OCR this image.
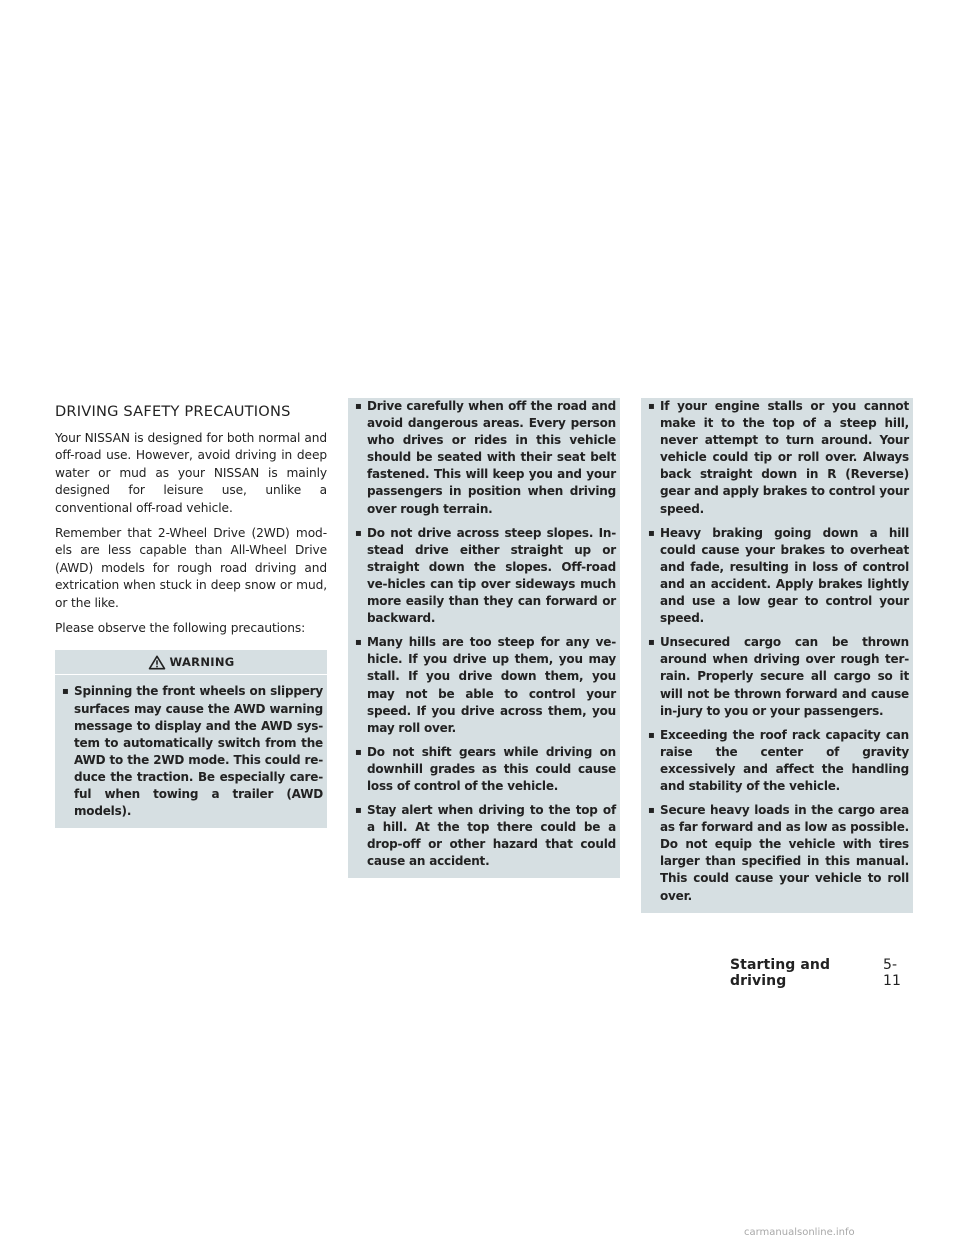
DRIVING SAFETY PRECAUTIONS

Your NISSAN is designed for both normal and off-road use. However, avoid driving in deep water or mud as your NISSAN is mainly designed for leisure use, unlike a conventional off-road vehicle.

Remember that 2-Wheel Drive (2WD) mod-els are less capable than All-Wheel Drive (AWD) models for rough road driving and extrication when stuck in deep snow or mud, or the like.

Please observe the following precautions:

WARNING

▪ Spinning the front wheels on slippery surfaces may cause the AWD warning message to display and the AWD sys-tem to automatically switch from the AWD to the 2WD mode. This could re-duce the traction. Be especially care-ful when towing a trailer (AWD models).

▪ Drive carefully when off the road and avoid dangerous areas. Every person who drives or rides in this vehicle should be seated with their seat belt fastened. This will keep you and your passengers in position when driving over rough terrain.

▪ Do not drive across steep slopes. In-stead drive either straight up or straight down the slopes. Off-road ve-hicles can tip over sideways much more easily than they can forward or backward.

▪ Many hills are too steep for any ve-hicle. If you drive up them, you may stall. If you drive down them, you may not be able to control your speed. If you drive across them, you may roll over.

▪ Do not shift gears while driving on downhill grades as this could cause loss of control of the vehicle.

▪ Stay alert when driving to the top of a hill. At the top there could be a drop-off or other hazard that could cause an accident.

▪ If your engine stalls or you cannot make it to the top of a steep hill, never attempt to turn around. Your vehicle could tip or roll over. Always back straight down in R (Reverse) gear and apply brakes to control your speed.

▪ Heavy braking going down a hill could cause your brakes to overheat and fade, resulting in loss of control and an accident. Apply brakes lightly and use a low gear to control your speed.

▪ Unsecured cargo can be thrown around when driving over rough ter-rain. Properly secure all cargo so it will not be thrown forward and cause in-jury to you or your passengers.

▪ Exceeding the roof rack capacity can raise the center of gravity excessively and affect the handling and stability of the vehicle.

▪ Secure heavy loads in the cargo area as far forward and as low as possible. Do not equip the vehicle with tires larger than specified in this manual. This could cause your vehicle to roll over.

Starting and driving
5-11
carmanualsonline.info
